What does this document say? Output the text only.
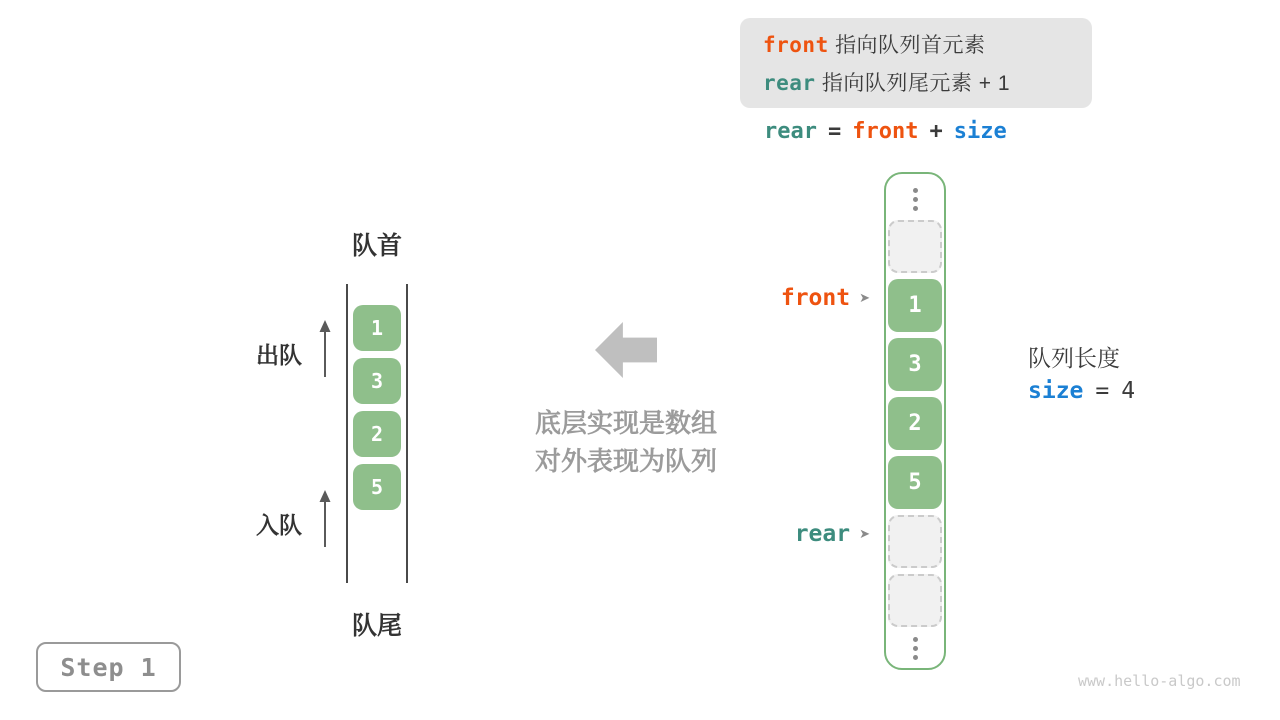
front 指向队列首元素
rear 指向队列尾元素 + 1
rear = front + size
队首
队尾
1
3
2
5
出队
入队
底层实现是数组
对外表现为队列
1
3
2
5
front ➤
rear ➤
队列长度
size = 4
Step 1	www.hello-algo.com
